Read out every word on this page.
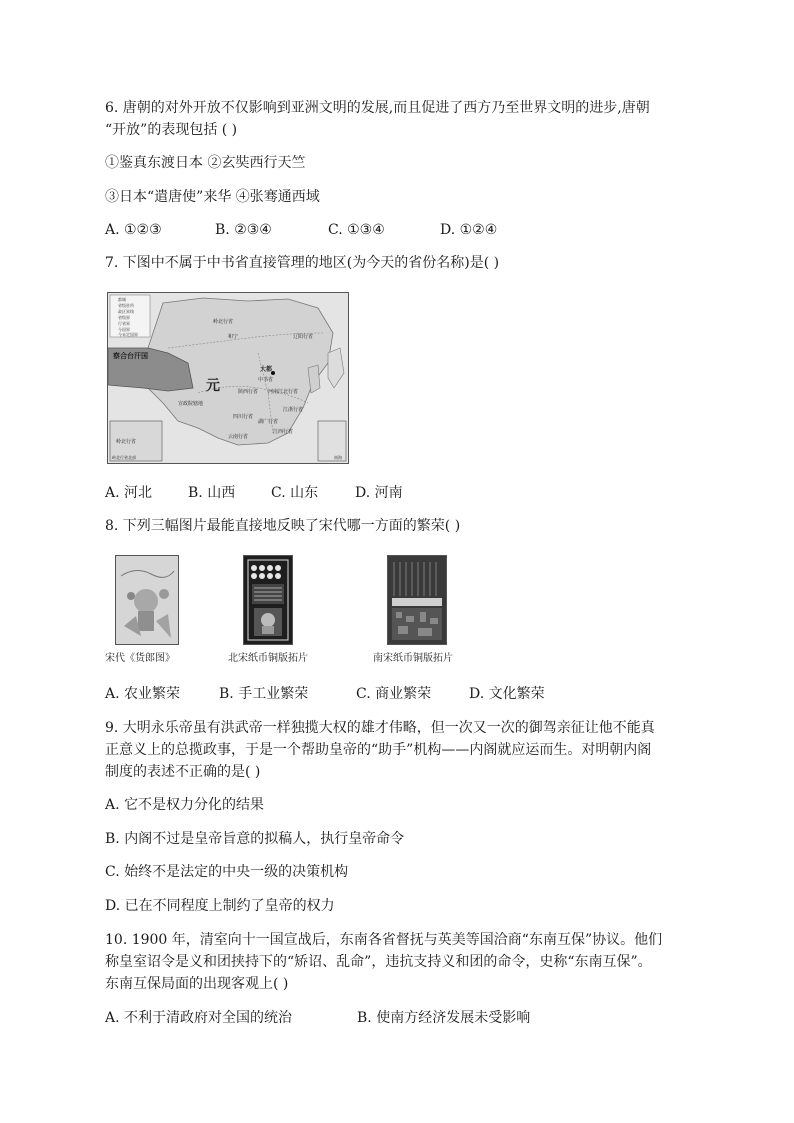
6. 唐朝的对外开放不仅影响到亚洲文明的发展,而且促进了西方乃至世界文明的进步,唐朝
“开放”的表现包括 ( )
①鉴真东渡日本 ②玄奘西行天竺
③日本“遣唐使”来华 ④张骞通西域
A. ①②③	B. ②③④	C. ①③④	D. ①②④
7. 下图中不属于中书省直接管理的地区(为今天的省份名称)是( )
都城
省级驻所
政区界线
省级界
行省界
今国界
今未定国界
察合台汗国
元
大都
岭北行省
辽阳行省
宣政院辖地
四川行省
云南行省
湖广行省
江浙行省
江西行省
陕西行省 河南江北行省
中书省
和宁
岭北行省
岭北行省北部	南海
A. 河北	B. 山西	C. 山东	D. 河南
8. 下列三幅图片最能直接地反映了宋代哪一方面的繁荣( )
宋代《货郎图》	北宋纸币铜版拓片	南宋纸币铜版拓片
A. 农业繁荣	B. 手工业繁荣	C. 商业繁荣	D. 文化繁荣
9. 大明永乐帝虽有洪武帝一样独揽大权的雄才伟略，但一次又一次的御驾亲征让他不能真
正意义上的总揽政事，于是一个帮助皇帝的“助手”机构——内阁就应运而生。对明朝内阁
制度的表述不正确的是( )
A. 它不是权力分化的结果
B. 内阁不过是皇帝旨意的拟稿人，执行皇帝命令
C. 始终不是法定的中央一级的决策机构
D. 已在不同程度上制约了皇帝的权力
10. 1900 年，清室向十一国宣战后，东南各省督抚与英美等国洽商“东南互保”协议。他们
称皇室诏令是义和团挟持下的“矫诏、乱命”，违抗支持义和团的命令，史称“东南互保”。
东南互保局面的出现客观上( )
A. 不利于清政府对全国的统治	B. 使南方经济发展未受影响
